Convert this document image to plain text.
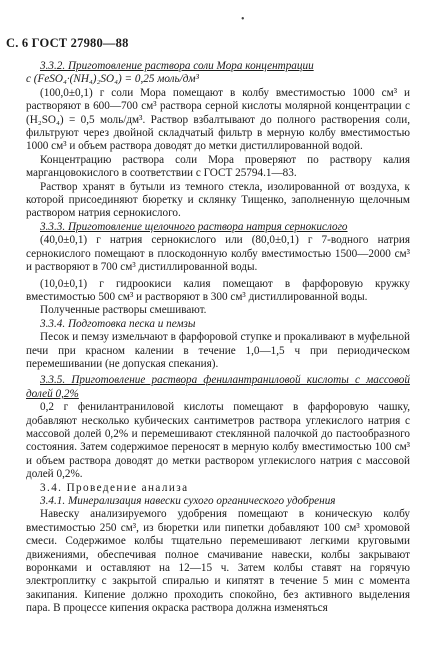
•
С. 6 ГОСТ 27980—88

3.3.2. Приготовление раствора соли Мора концентрации

c (FeSO₄·(NH₄)₂SO₄) = 0,25 моль/дм³

(100,0±0,1) г соли Мора помещают в колбу вместимостью 1000 см³ и растворяют в 600—700 см³ раствора серной кислоты молярной концентрации с (H₂SO₄) = 0,5 моль/дм³. Раствор взбалтывают до полного растворения соли, фильтруют через двойной складчатый фильтр в мерную колбу вместимостью 1000 см³ и объем раствора доводят до метки дистиллированной водой.

Концентрацию раствора соли Мора проверяют по раствору калия марганцовокислого в соответствии с ГОСТ 25794.1—83.

Раствор хранят в бутыли из темного стекла, изолированной от воздуха, к которой присоединяют бюретку и склянку Тищенко, заполненную щелочным раствором натрия сернокислого.

3.3.3. Приготовление щелочного раствора натрия сернокислого

(40,0±0,1) г натрия сернокислого или (80,0±0,1) г 7-водного натрия сернокислого помещают в плоскодонную колбу вместимостью 1500—2000 см³ и растворяют в 700 см³ дистиллированной воды.

(10,0±0,1) г гидроокиси калия помещают в фарфоровую кружку вместимостью 500 см³ и растворяют в 300 см³ дистиллированной воды.

Полученные растворы смешивают.

3.3.4. Подготовка песка и пемзы

Песок и пемзу измельчают в фарфоровой ступке и прокаливают в муфельной печи при красном калении в течение 1,0—1,5 ч при периодическом перемешивании (не допуская спекания).

3.3.5. Приготовление раствора фенилантраниловой кислоты с массовой долей 0,2%

0,2 г фенилантраниловой кислоты помещают в фарфоровую чашку, добавляют несколько кубических сантиметров раствора углекислого натрия с массовой долей 0,2% и перемешивают стеклянной палочкой до пастообразного состояния. Затем содержимое переносят в мерную колбу вместимостью 100 см³ и объем раствора доводят до метки раствором углекислого натрия с массовой долей 0,2%.

3.4. Проведение анализа

3.4.1. Минерализация навески сухого органического удобрения

Навеску анализируемого удобрения помещают в коническую колбу вместимостью 250 см³, из бюретки или пипетки добавляют 100 см³ хромовой смеси. Содержимое колбы тщательно перемешивают легкими круговыми движениями, обеспечивая полное смачивание навески, колбы закрывают воронками и оставляют на 12—15 ч. Затем колбы ставят на горячую электроплитку с закрытой спиралью и кипятят в течение 5 мин с момента закипания. Кипение должно проходить спокойно, без активного выделения пара. В процессе кипения окраска раствора должна изменяться
